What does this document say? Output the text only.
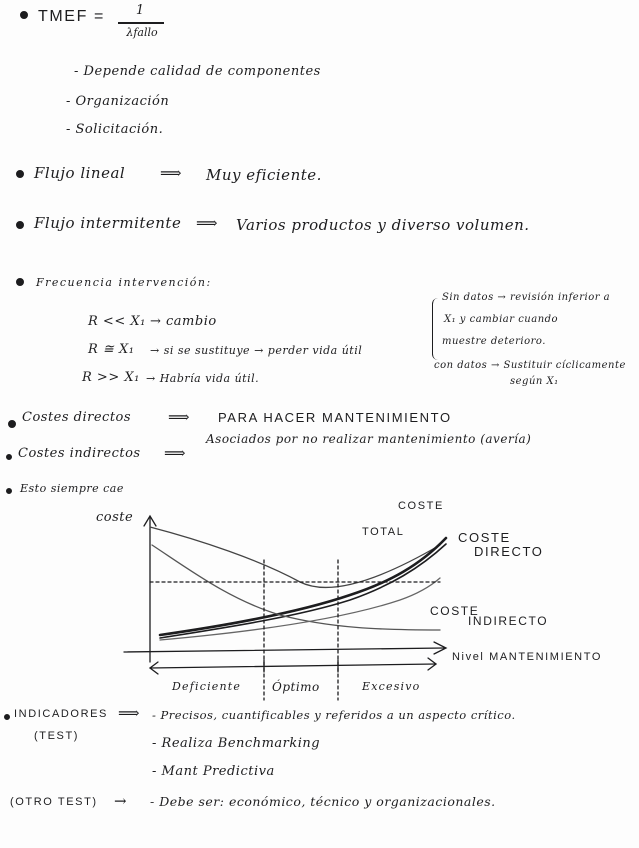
TMEF =	1
λfallo
- Depende calidad de componentes
- Organización
- Solicitación.
Flujo lineal ⟹ Muy eficiente.
Flujo intermitente ⟹ Varios productos y diverso volumen.
Frecuencia intervención:
R << X₁ → cambio
R ≅ X₁ → si se sustituye → perder vida útil
R >> X₁ → Habría vida útil.
Sin datos → revisión inferior a
X₁ y cambiar cuando
muestre deterioro.
con datos → Sustituir cíclicamente
según X₁
Costes directos ⟹ PARA HACER MANTENIMIENTO
Costes indirectos ⟹
Asociados por no realizar mantenimiento (avería)
Esto siempre cae
coste
COSTE
TOTAL	COSTE
DIRECTO
COSTE
INDIRECTO
Nivel MANTENIMIENTO
Deficiente	Óptimo	Excesivo
INDICADORES
(TEST)
⟹ - Precisos, cuantificables y referidos a un aspecto crítico.
- Realiza Benchmarking
- Mant Predictiva
(OTRO TEST) → - Debe ser: económico, técnico y organizacionales.
